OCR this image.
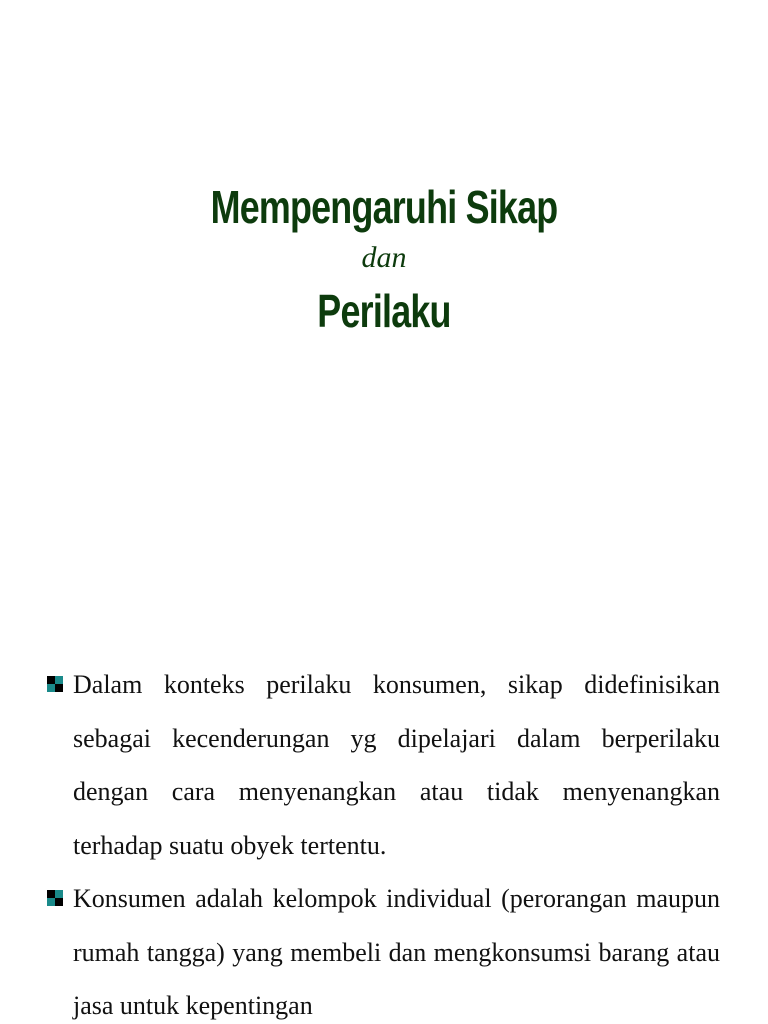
Mempengaruhi Sikap
dan
Perilaku

Dalam konteks perilaku konsumen, sikap didefinisikan sebagai kecenderungan yg dipelajari dalam berperilaku dengan cara menyenangkan atau tidak menyenangkan terhadap suatu obyek tertentu.

Konsumen adalah kelompok individual (perorangan maupun rumah tangga) yang membeli dan mengkonsumsi barang atau jasa untuk kepentingan
